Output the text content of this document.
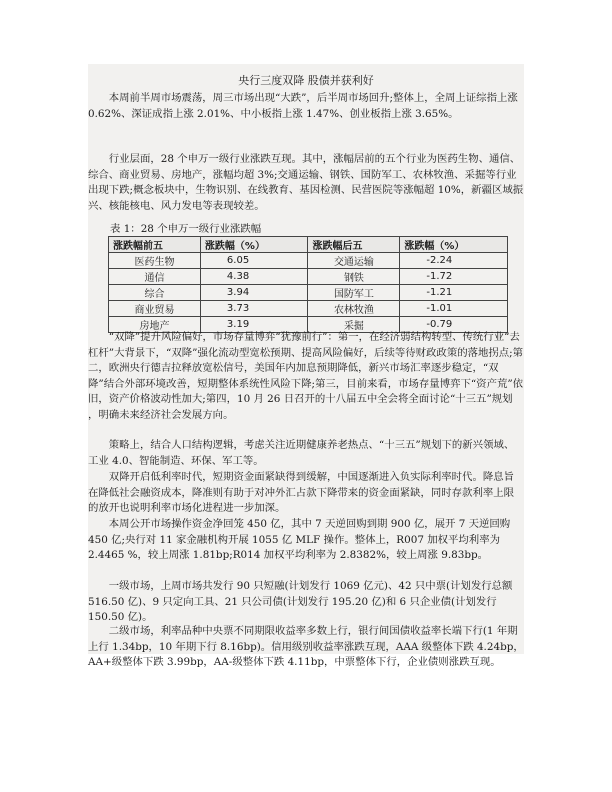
央行三度双降 股债并获利好

　　本周前半周市场震荡，周三市场出现“大跌”，后半周市场回升;整体上，全周上证综指上涨 0.62%、深证成指上涨 2.01%、中小板指上涨 1.47%、创业板指上涨 3.65%。

　　行业层面，28 个申万一级行业涨跌互现。其中，涨幅居前的五个行业为医药生物、通信、综合、商业贸易、房地产，涨幅均超 3%;交通运输、钢铁、国防军工、农林牧渔、采掘等行业出现下跌;概念板块中，生物识别、在线教育、基因检测、民营医院等涨幅超 10%，新疆区域振兴、核能核电、风力发电等表现较差。

表 1：28 个申万一级行业涨跌幅
涨跌幅前五	涨跌幅（%）	涨跌幅后五	涨跌幅（%）
医药生物	6.05	交通运输	-2.24
通信	4.38	钢铁	-1.72
综合	3.94	国防军工	-1.21
商业贸易	3.73	农林牧渔	-1.01
房地产	3.19	采掘	-0.79

　　“双降”提升风险偏好，市场存量博弈“犹豫前行”：第一，在经济弱结构转型、传统行业“去杠杆”大背景下，“双降”强化流动型宽松预期、提高风险偏好，后续等待财政政策的落地拐点;第二，欧洲央行德吉拉释放宽松信号，美国年内加息预期降低，新兴市场汇率逐步稳定，“双降”结合外部环境改善，短期整体系统性风险下降;第三，目前来看，市场存量博弈下“资产荒”依旧，资产价格波动性加大;第四，10 月 26 日召开的十八届五中全会将全面讨论“十三五”规划 ，明确未来经济社会发展方向。

　　策略上，结合人口结构逻辑，考虑关注近期健康养老热点、“十三五”规划下的新兴领域、工业 4.0、智能制造、环保、军工等。

　　双降开启低利率时代，短期资金面紧缺得到缓解，中国逐渐进入负实际利率时代。降息旨在降低社会融资成本，降准则有助于对冲外汇占款下降带来的资金面紧缺，同时存款利率上限的放开也说明利率市场化进程进一步加深。

　　本周公开市场操作资金净回笼 450 亿，其中 7 天逆回购到期 900 亿，展开 7 天逆回购 450 亿;央行对 11 家金融机构开展 1055 亿 MLF 操作。整体上，R007 加权平均利率为 2.4465 %，较上周涨 1.81bp;R014 加权平均利率为 2.8382%，较上周涨 9.83bp。

　　一级市场，上周市场共发行 90 只短融(计划发行 1069 亿元)、42 只中票(计划发行总额 516.50 亿)、9 只定向工具、21 只公司债(计划发行 195.20 亿)和 6 只企业债(计划发行 150.50 亿)。

　　二级市场，利率品种中央票不同期限收益率多数上行，银行间国债收益率长端下行(1 年期上行 1.34bp，10 年期下行 8.16bp)。信用级别收益率涨跌互现，AAA 级整体下跌 4.24bp，AA+级整体下跌 3.99bp，AA-级整体下跌 4.11bp，中票整体下行，企业债则涨跌互现。
